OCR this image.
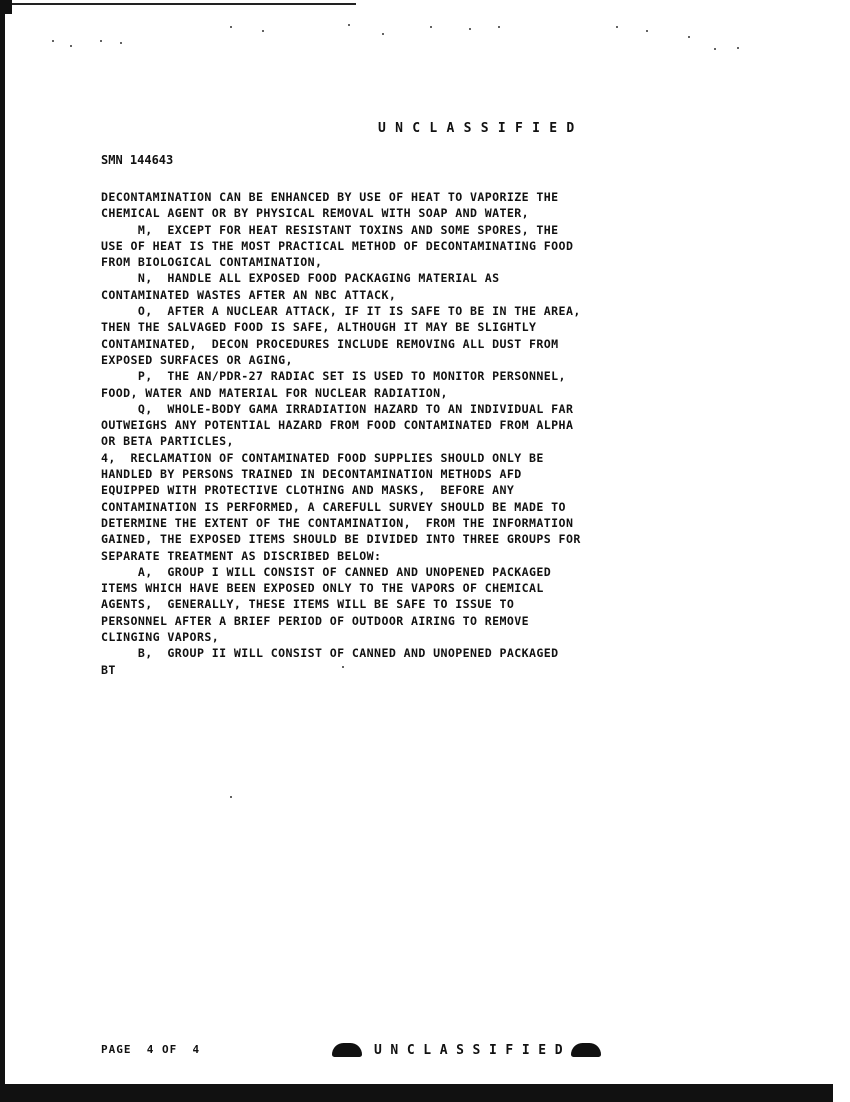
UNCLASSIFIED
SMN 144643
DECONTAMINATION CAN BE ENHANCED BY USE OF HEAT TO VAPORIZE THE
CHEMICAL AGENT OR BY PHYSICAL REMOVAL WITH SOAP AND WATER,
M,  EXCEPT FOR HEAT RESISTANT TOXINS AND SOME SPORES, THE
USE OF HEAT IS THE MOST PRACTICAL METHOD OF DECONTAMINATING FOOD
FROM BIOLOGICAL CONTAMINATION,
N,  HANDLE ALL EXPOSED FOOD PACKAGING MATERIAL AS
CONTAMINATED WASTES AFTER AN NBC ATTACK,
O,  AFTER A NUCLEAR ATTACK, IF IT IS SAFE TO BE IN THE AREA,
THEN THE SALVAGED FOOD IS SAFE, ALTHOUGH IT MAY BE SLIGHTLY
CONTAMINATED,  DECON PROCEDURES INCLUDE REMOVING ALL DUST FROM
EXPOSED SURFACES OR AGING,
P,  THE AN/PDR-27 RADIAC SET IS USED TO MONITOR PERSONNEL,
FOOD, WATER AND MATERIAL FOR NUCLEAR RADIATION,
Q,  WHOLE-BODY GAMA IRRADIATION HAZARD TO AN INDIVIDUAL FAR
OUTWEIGHS ANY POTENTIAL HAZARD FROM FOOD CONTAMINATED FROM ALPHA
OR BETA PARTICLES,
4,  RECLAMATION OF CONTAMINATED FOOD SUPPLIES SHOULD ONLY BE
HANDLED BY PERSONS TRAINED IN DECONTAMINATION METHODS AFD
EQUIPPED WITH PROTECTIVE CLOTHING AND MASKS,  BEFORE ANY
CONTAMINATION IS PERFORMED, A CAREFULL SURVEY SHOULD BE MADE TO
DETERMINE THE EXTENT OF THE CONTAMINATION,  FROM THE INFORMATION
GAINED, THE EXPOSED ITEMS SHOULD BE DIVIDED INTO THREE GROUPS FOR
SEPARATE TREATMENT AS DISCRIBED BELOW:
A,  GROUP I WILL CONSIST OF CANNED AND UNOPENED PACKAGED
ITEMS WHICH HAVE BEEN EXPOSED ONLY TO THE VAPORS OF CHEMICAL
AGENTS,  GENERALLY, THESE ITEMS WILL BE SAFE TO ISSUE TO
PERSONNEL AFTER A BRIEF PERIOD OF OUTDOOR AIRING TO REMOVE
CLINGING VAPORS,
B,  GROUP II WILL CONSIST OF CANNED AND UNOPENED PACKAGED
BT
PAGE  4 OF  4	UNCLASSIFIED
